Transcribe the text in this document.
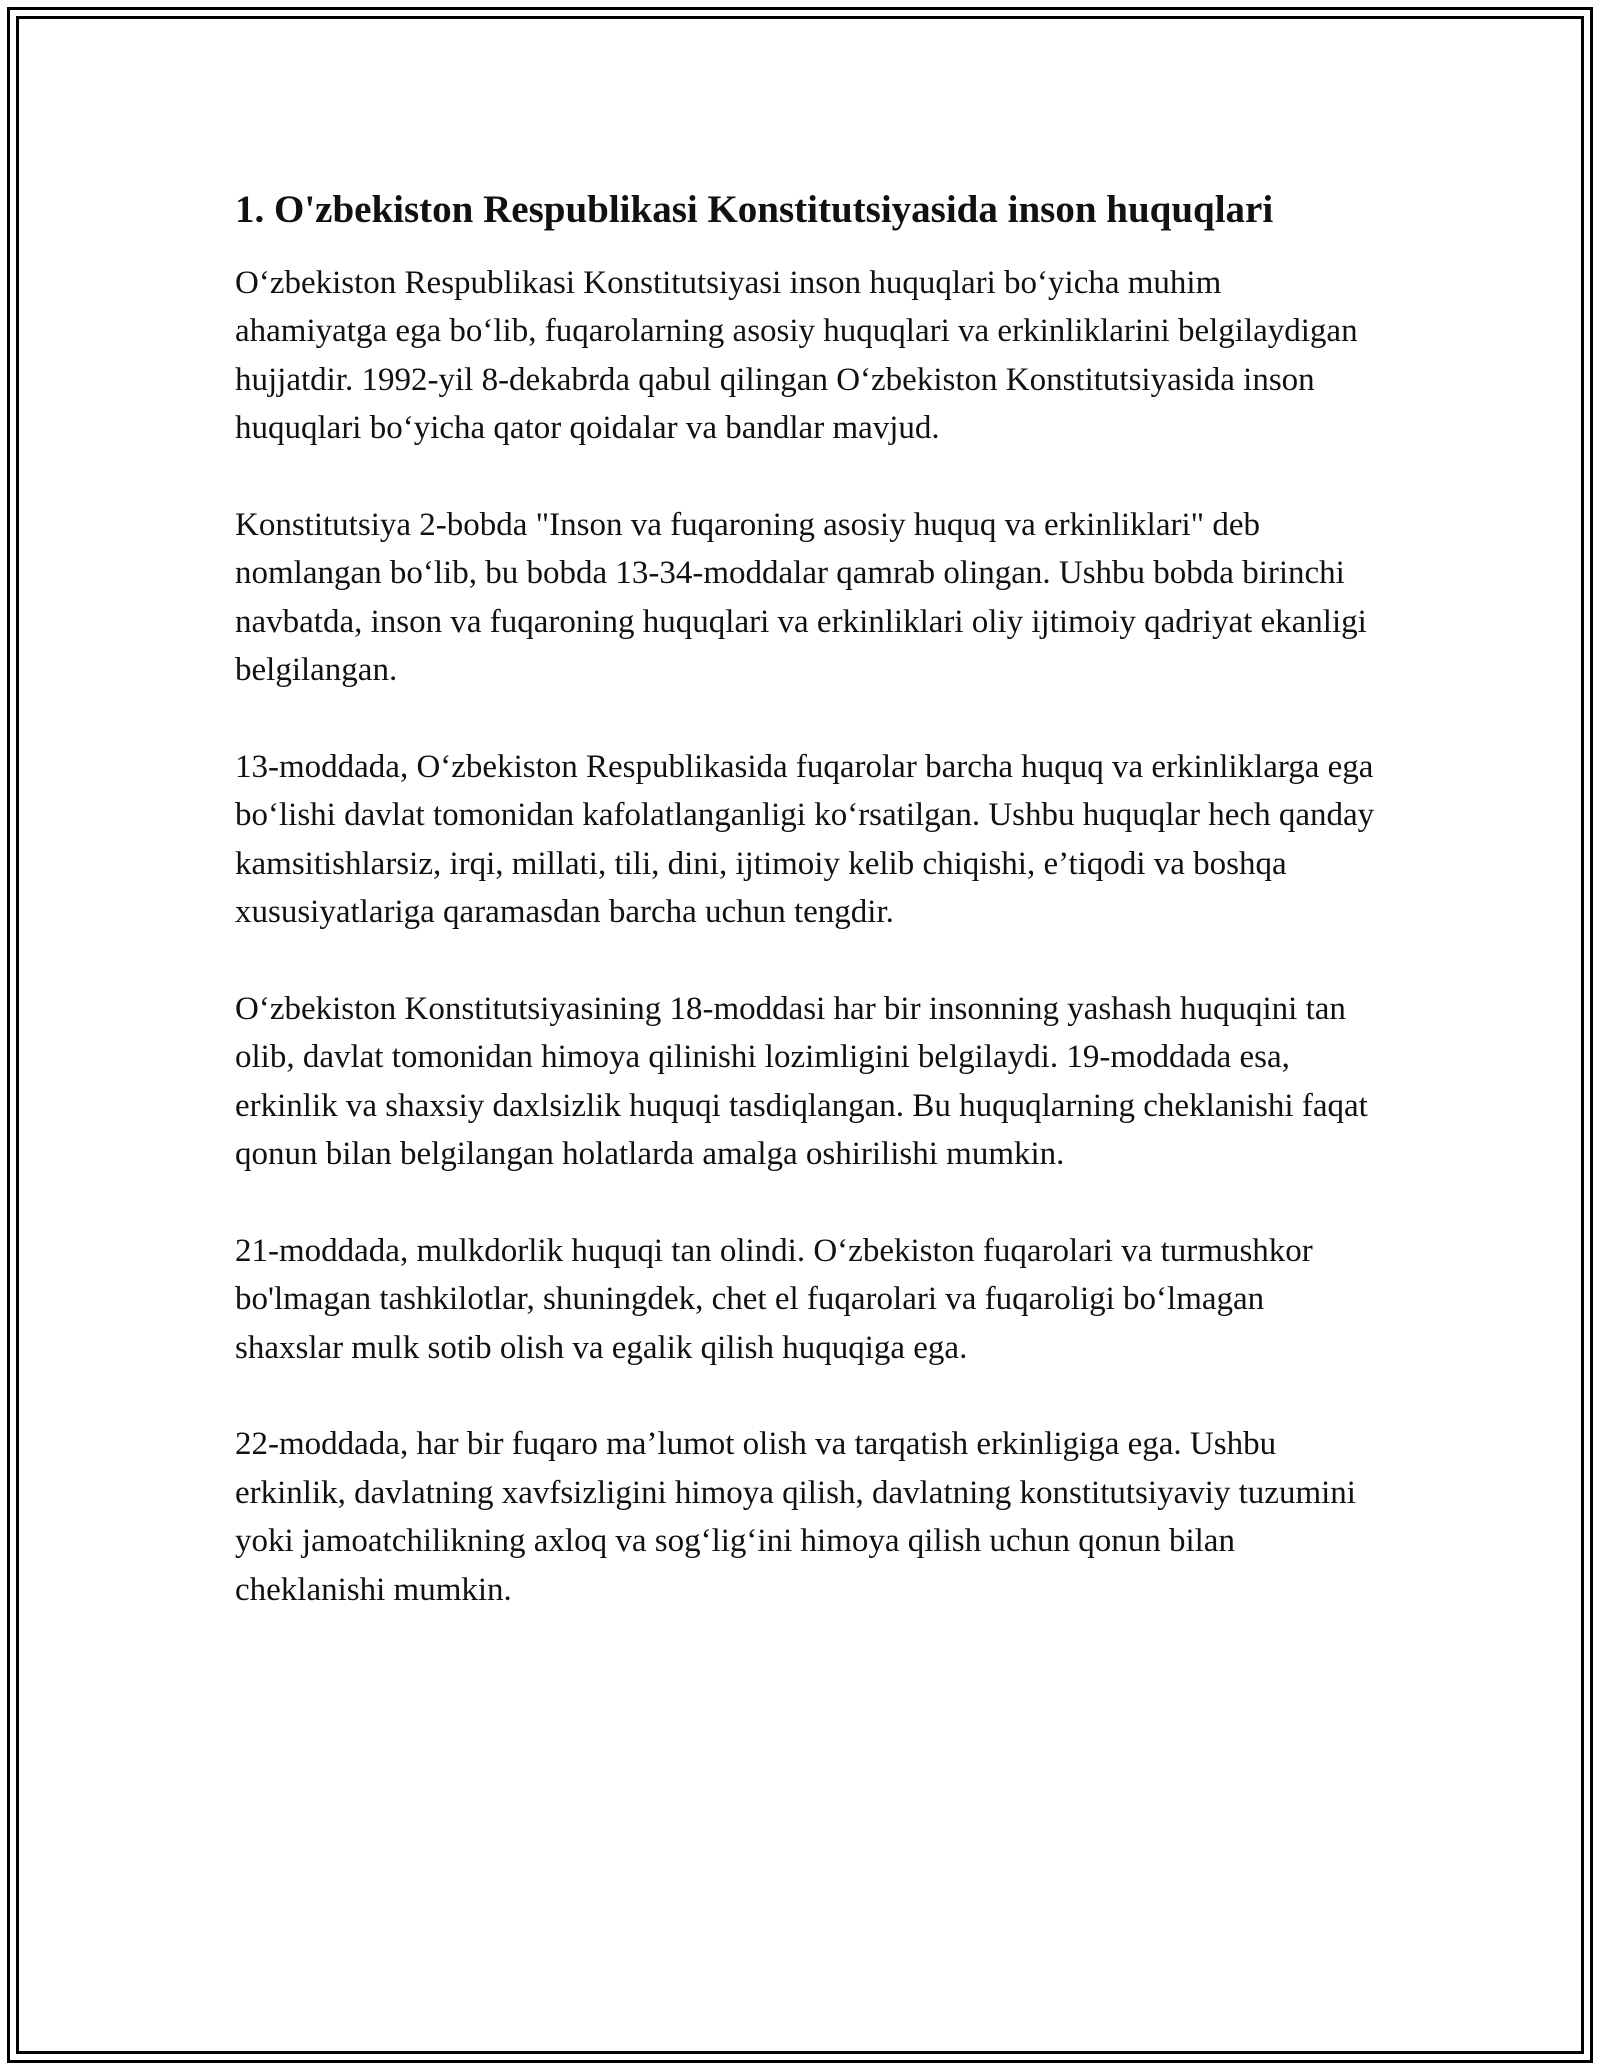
1. O'zbekiston Respublikasi Konstitutsiyasida inson huquqlari

O‘zbekiston Respublikasi Konstitutsiyasi inson huquqlari bo‘yicha muhim ahamiyatga ega bo‘lib, fuqarolarning asosiy huquqlari va erkinliklarini belgilaydigan hujjatdir. 1992-yil 8-dekabrda qabul qilingan O‘zbekiston Konstitutsiyasida inson huquqlari bo‘yicha qator qoidalar va bandlar mavjud.

Konstitutsiya 2-bobda "Inson va fuqaroning asosiy huquq va erkinliklari" deb nomlangan bo‘lib, bu bobda 13-34-moddalar qamrab olingan. Ushbu bobda birinchi navbatda, inson va fuqaroning huquqlari va erkinliklari oliy ijtimoiy qadriyat ekanligi belgilangan.

13-moddada, O‘zbekiston Respublikasida fuqarolar barcha huquq va erkinliklarga ega bo‘lishi davlat tomonidan kafolatlanganligi ko‘rsatilgan. Ushbu huquqlar hech qanday kamsitishlarsiz, irqi, millati, tili, dini, ijtimoiy kelib chiqishi, e’tiqodi va boshqa xususiyatlariga qaramasdan barcha uchun tengdir.

O‘zbekiston Konstitutsiyasining 18-moddasi har bir insonning yashash huquqini tan olib, davlat tomonidan himoya qilinishi lozimligini belgilaydi. 19-moddada esa, erkinlik va shaxsiy daxlsizlik huquqi tasdiqlangan. Bu huquqlarning cheklanishi faqat qonun bilan belgilangan holatlarda amalga oshirilishi mumkin.

21-moddada, mulkdorlik huquqi tan olindi. O‘zbekiston fuqarolari va turmushkor bo'lmagan tashkilotlar, shuningdek, chet el fuqarolari va fuqaroligi bo‘lmagan shaxslar mulk sotib olish va egalik qilish huquqiga ega.

22-moddada, har bir fuqaro ma’lumot olish va tarqatish erkinligiga ega. Ushbu erkinlik, davlatning xavfsizligini himoya qilish, davlatning konstitutsiyaviy tuzumini yoki jamoatchilikning axloq va sog‘lig‘ini himoya qilish uchun qonun bilan cheklanishi mumkin.
